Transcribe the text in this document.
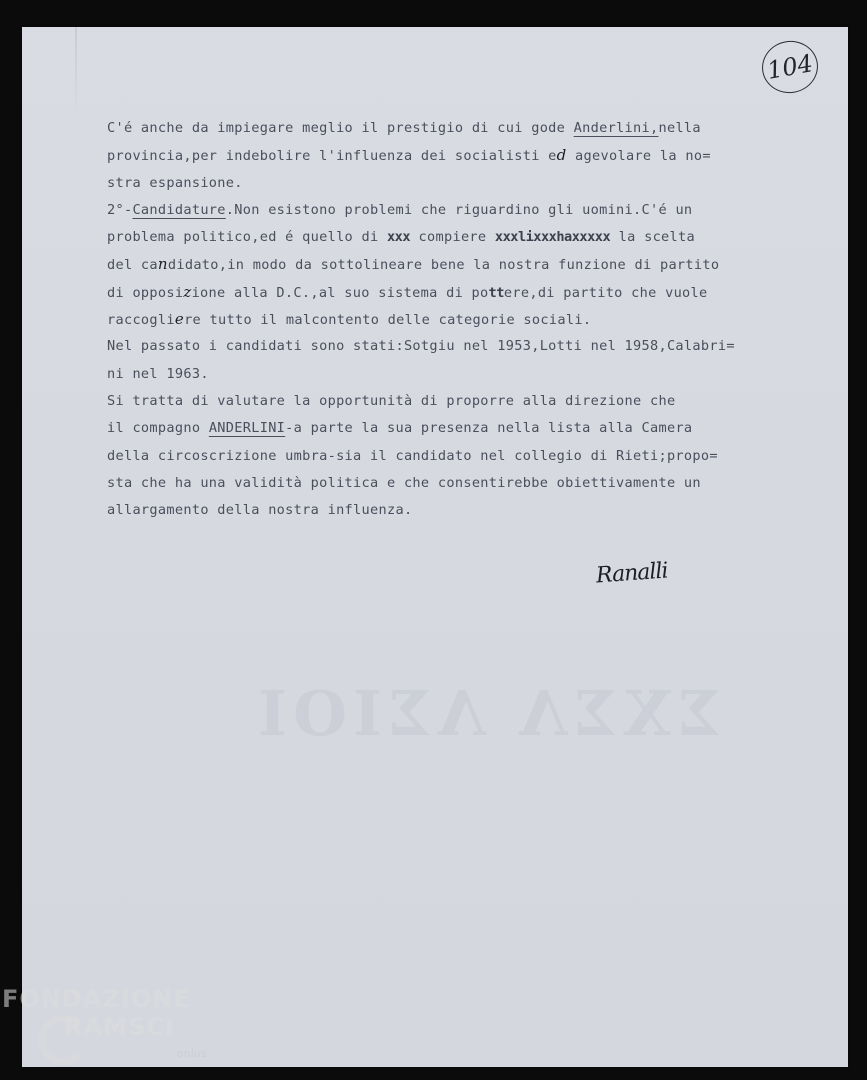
ΣXΣΛ ΛΣΙΟΙ
104
C'é anche da impiegare meglio il prestigio di cui gode Anderlini,nella
provincia,per indebolire l'influenza dei socialisti ed agevolare la no=
stra espansione.
2°-Candidature.Non esistono problemi che riguardino gli uomini.C'é un
problema politico,ed é quello di xxx compiere xxxlixxxhaxxxxx la scelta
del candidato,in modo da sottolineare bene la nostra funzione di partito
di opposizione alla D.C.,al suo sistema di pottere,di partito che vuole
raccogliere tutto il malcontento delle categorie sociali.
Nel passato i candidati sono stati:Sotgiu nel 1953,Lotti nel 1958,Calabri=
ni nel 1963.
Si tratta di valutare la opportunità di proporre alla direzione che
il compagno ANDERLINI-a parte la sua presenza nella lista alla Camera
della circoscrizione umbra-sia il candidato nel collegio di Rieti;propo=
sta che ha una validità politica e che consentirebbe obiettivamente un
allargamento della nostra influenza.
Ranalli
FONDAZIONE
RAMSCI
onlus
